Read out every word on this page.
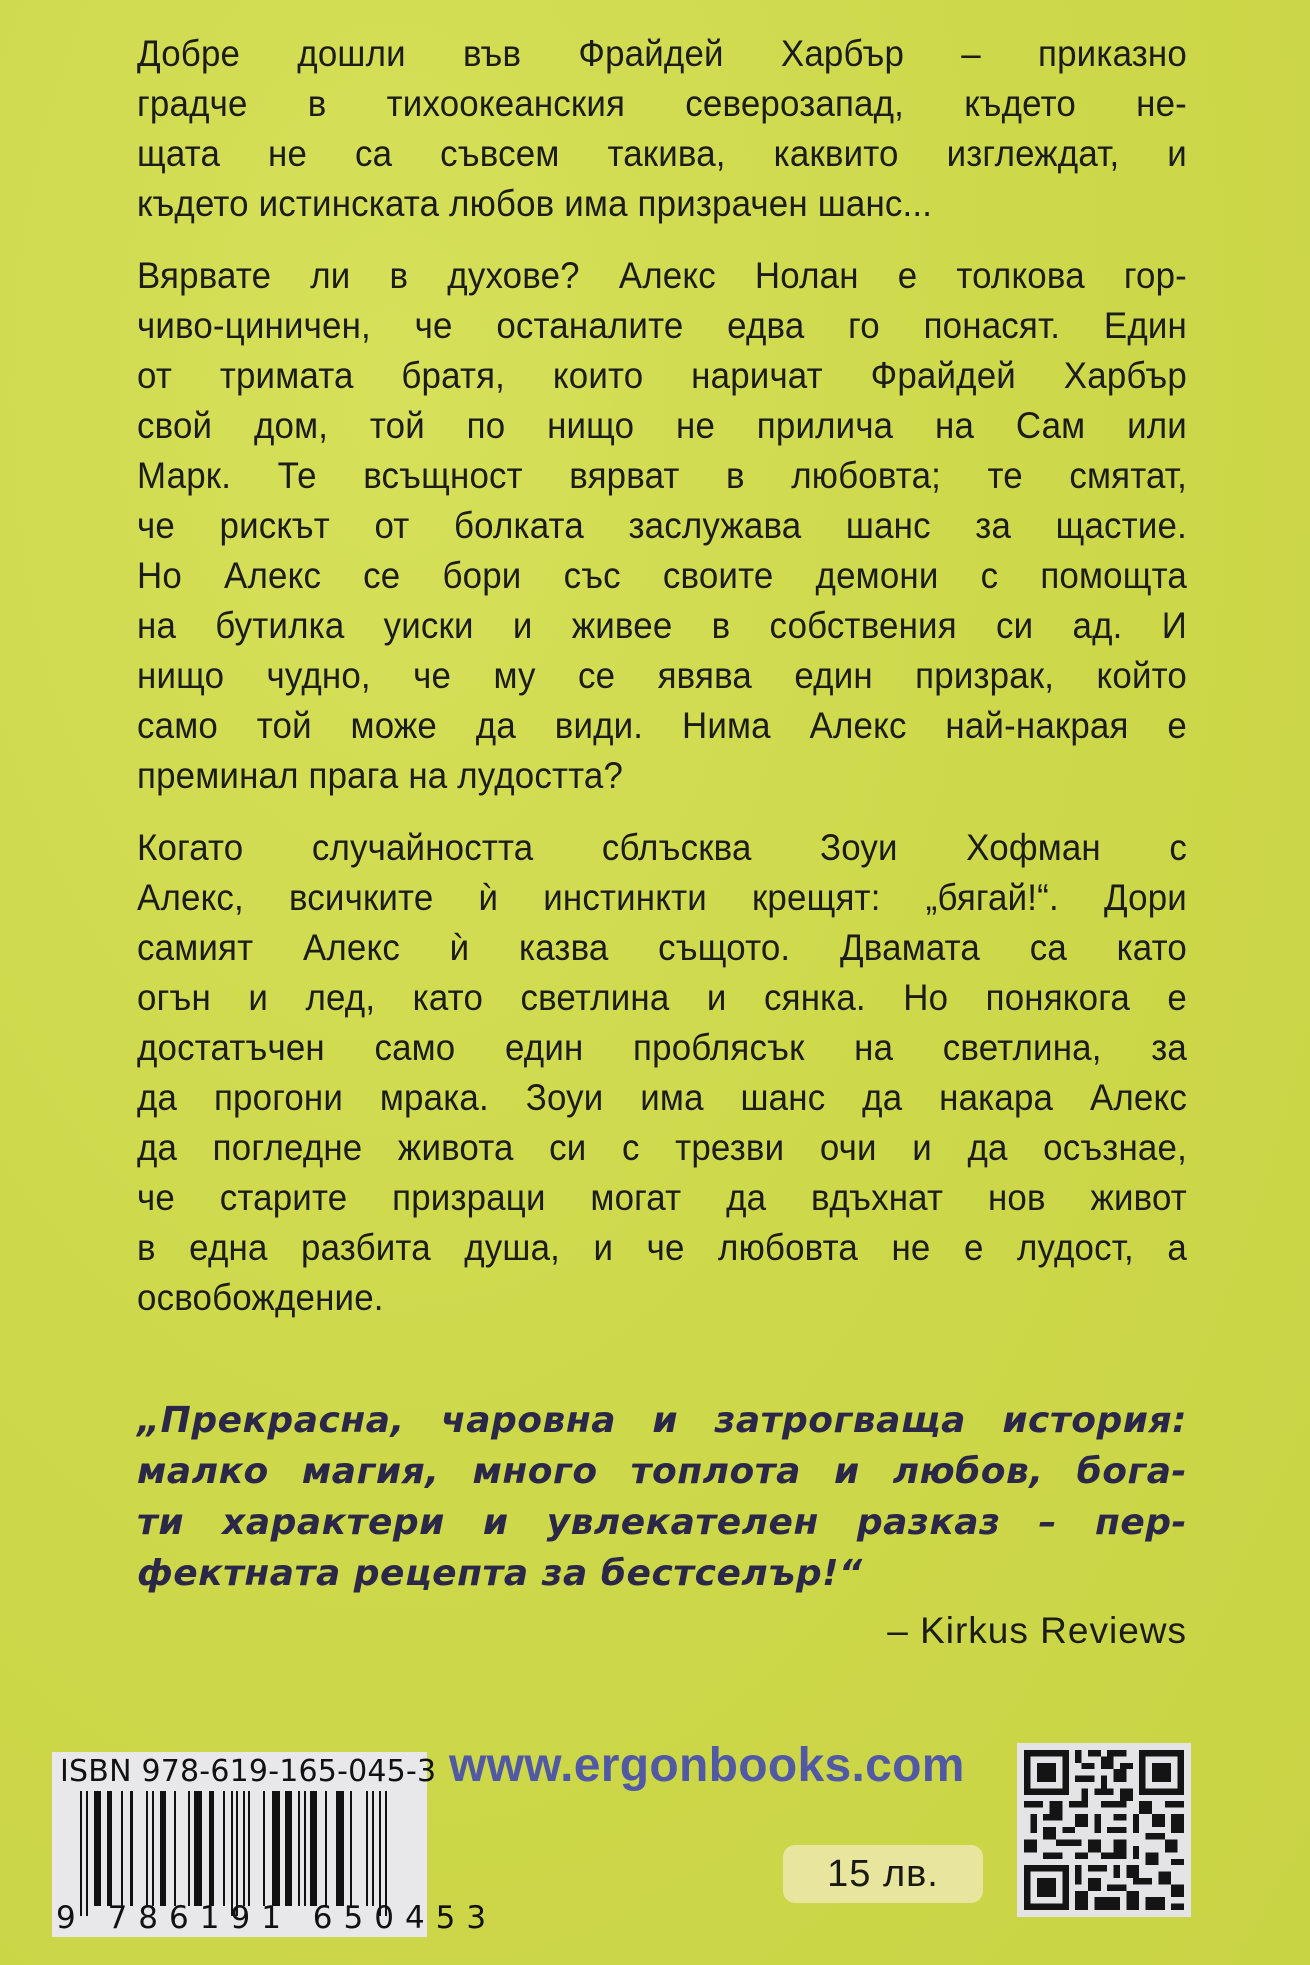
Добре дошли във Фрайдей Харбър – приказно
градче в тихоокеанския северозапад, където не-
щата не са съвсем такива, каквито изглеждат, и
където истинската любов има призрачен шанс...
Вярвате ли в духове? Алекс Нолан е толкова гор-
чиво-циничен, че останалите едва го понасят. Един
от тримата братя, които наричат Фрайдей Харбър
свой дом, той по нищо не прилича на Сам или
Марк. Те всъщност вярват в любовта; те смятат,
че рискът от болката заслужава шанс за щастие.
Но Алекс се бори със своите демони с помощта
на бутилка уиски и живее в собствения си ад. И
нищо чудно, че му се явява един призрак, който
само той може да види. Нима Алекс най-накрая е
преминал прага на лудостта?
Когато случайността сблъсква Зоуи Хофман с
Алекс, всичките ѝ инстинкти крещят: „бягай!“. Дори
самият Алекс ѝ казва същото. Двамата са като
огън и лед, като светлина и сянка. Но понякога е
достатъчен само един проблясък на светлина, за
да прогони мрака. Зоуи има шанс да накара Алекс
да погледне живота си с трезви очи и да осъзнае,
че старите призраци могат да вдъхнат нов живот
в една разбита душа, и че любовта не е лудост, а
освобождение.
„Прекрасна, чаровна и затрогваща история:
малко магия, много топлота и любов, бога-
ти характери и увлекателен разказ – пер-
фектната рецепта за бестселър!“
– Kirkus Reviews
ISBN 978-619-165-045-3
9 786191 650453
www.ergonbooks.com
15 лв.
